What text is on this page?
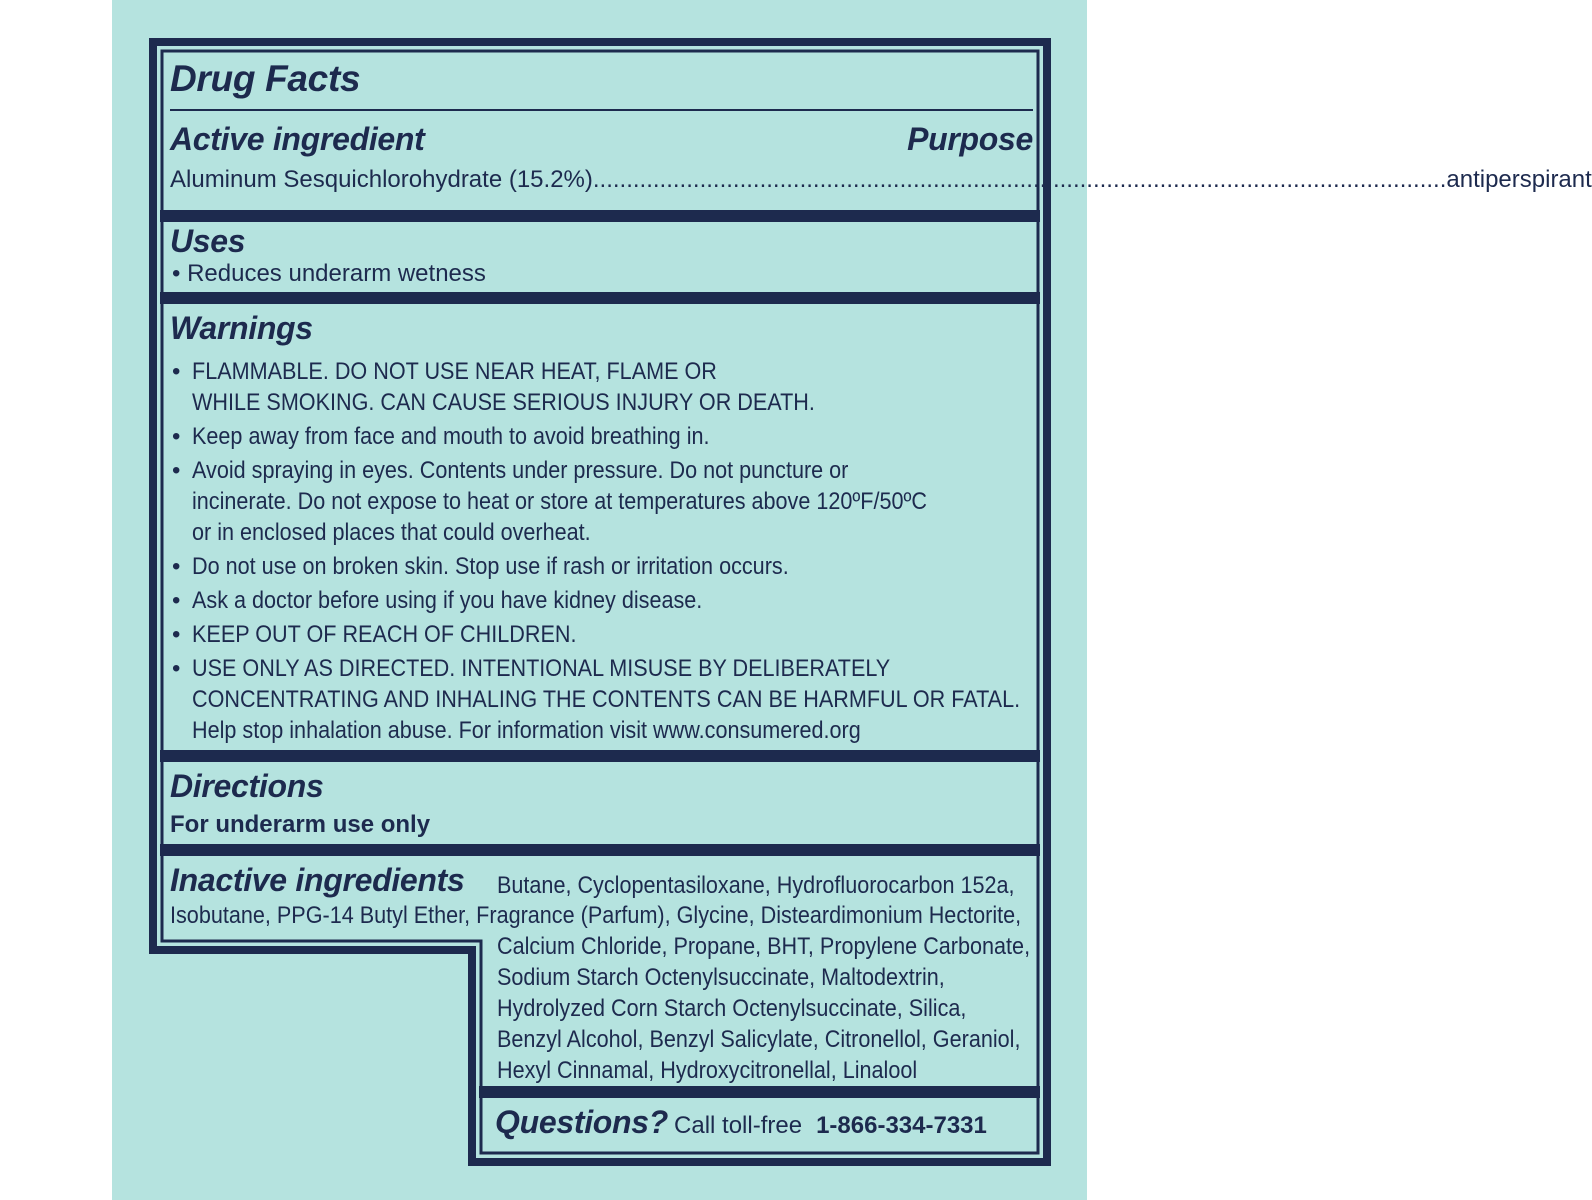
Drug Facts
Active ingredient	Purpose
Aluminum Sesquichlorohydrate (15.2%) ................................................................................................................................ antiperspirant
Uses
• Reduces underarm wetness
Warnings
• FLAMMABLE. DO NOT USE NEAR HEAT, FLAME OR
WHILE SMOKING. CAN CAUSE SERIOUS INJURY OR DEATH.
• Keep away from face and mouth to avoid breathing in.
• Avoid spraying in eyes. Contents under pressure. Do not puncture or
incinerate. Do not expose to heat or store at temperatures above 120ºF/50ºC
or in enclosed places that could overheat.
• Do not use on broken skin. Stop use if rash or irritation occurs.
• Ask a doctor before using if you have kidney disease.
• KEEP OUT OF REACH OF CHILDREN.
• USE ONLY AS DIRECTED. INTENTIONAL MISUSE BY DELIBERATELY
CONCENTRATING AND INHALING THE CONTENTS CAN BE HARMFUL OR FATAL.
Help stop inhalation abuse. For information visit www.consumered.org
Directions
For underarm use only
Inactive ingredients Butane, Cyclopentasiloxane, Hydrofluorocarbon 152a,
Isobutane, PPG-14 Butyl Ether, Fragrance (Parfum), Glycine, Disteardimonium Hectorite,
Calcium Chloride, Propane, BHT, Propylene Carbonate,
Sodium Starch Octenylsuccinate, Maltodextrin,
Hydrolyzed Corn Starch Octenylsuccinate, Silica,
Benzyl Alcohol, Benzyl Salicylate, Citronellol, Geraniol,
Hexyl Cinnamal, Hydroxycitronellal, Linalool
Questions? Call toll-free 1-866-334-7331
